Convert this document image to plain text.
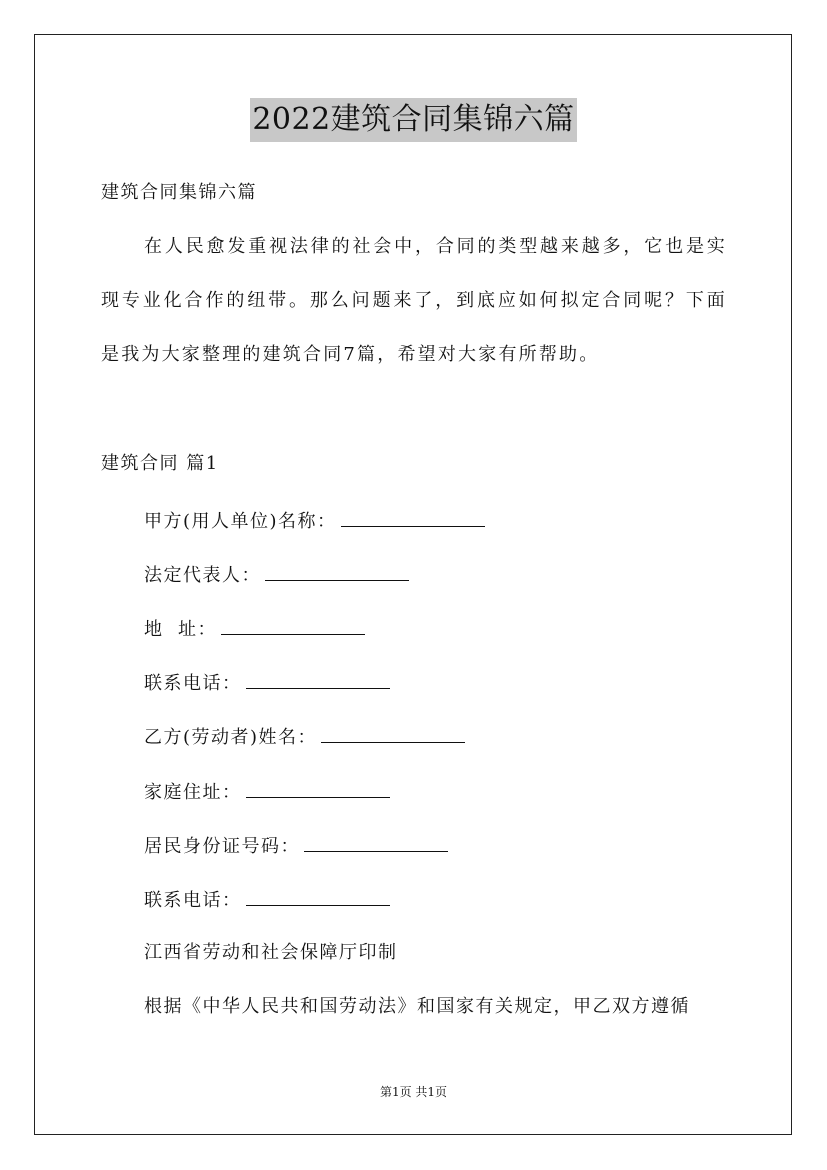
2022建筑合同集锦六篇
建筑合同集锦六篇
在人民愈发重视法律的社会中，合同的类型越来越多，它也是实现专业化合作的纽带。那么问题来了，到底应如何拟定合同呢？下面是我为大家整理的建筑合同7篇，希望对大家有所帮助。
建筑合同 篇1
甲方(用人单位)名称：
法定代表人：
地  址：
联系电话：
乙方(劳动者)姓名：
家庭住址：
居民身份证号码：
联系电话：
江西省劳动和社会保障厅印制
根据《中华人民共和国劳动法》和国家有关规定，甲乙双方遵循
第1页 共1页
